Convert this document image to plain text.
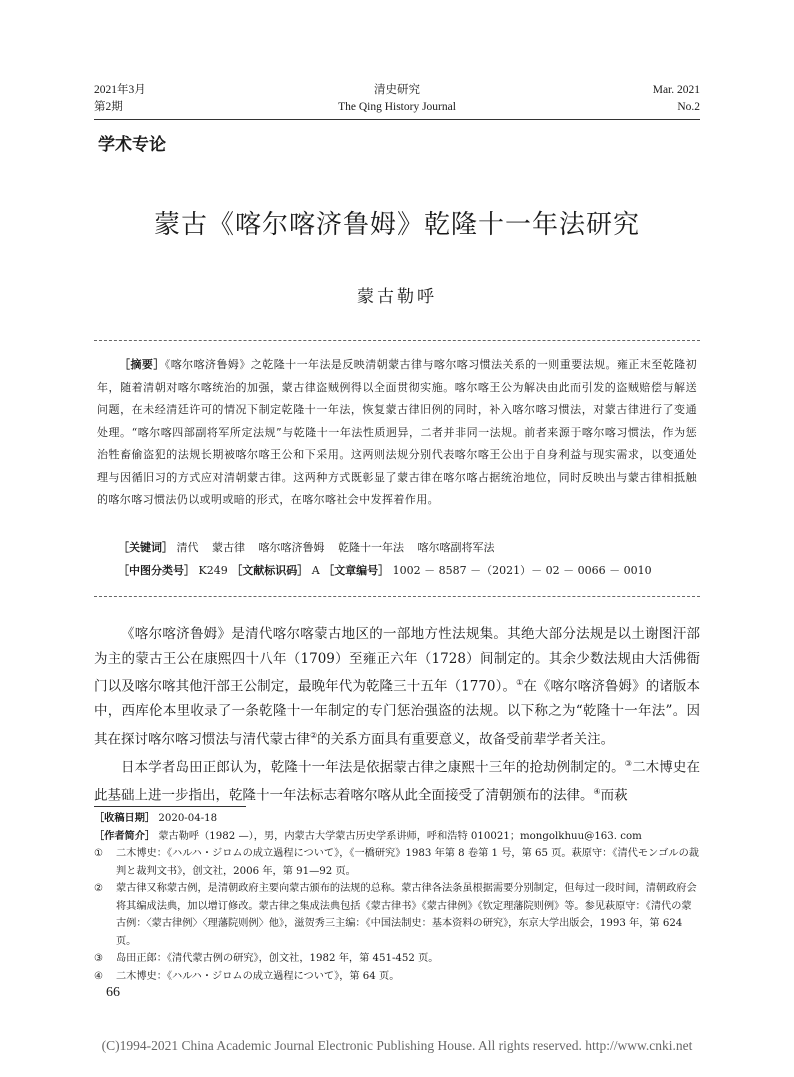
2021年3月
第2期
清史研究
The Qing History Journal
Mar. 2021
No.2
学术专论
蒙古《喀尔喀济鲁姆》乾隆十一年法研究
蒙古勒呼
［摘要］《喀尔喀济鲁姆》之乾隆十一年法是反映清朝蒙古律与喀尔喀习惯法关系的一则重要法规。雍正末至乾隆初年，随着清朝对喀尔喀统治的加强，蒙古律盗贼例得以全面贯彻实施。喀尔喀王公为解决由此而引发的盗贼赔偿与解送问题，在未经清廷许可的情况下制定乾隆十一年法，恢复蒙古律旧例的同时，补入喀尔喀习惯法，对蒙古律进行了变通处理。“喀尔喀四部副将军所定法规”与乾隆十一年法性质迥异，二者并非同一法规。前者来源于喀尔喀习惯法，作为惩治牲畜偷盗犯的法规长期被喀尔喀王公和下采用。这两则法规分别代表喀尔喀王公出于自身利益与现实需求，以变通处理与因循旧习的方式应对清朝蒙古律。这两种方式既彰显了蒙古律在喀尔喀占据统治地位，同时反映出与蒙古律相抵触的喀尔喀习惯法仍以或明或暗的形式，在喀尔喀社会中发挥着作用。
［关键词］ 清代 蒙古律 喀尔喀济鲁姆 乾隆十一年法 喀尔喀副将军法
［中图分类号］ K249 ［文献标识码］ A ［文章编号］ 1002 － 8587 －（2021）－ 02 － 0066 － 0010

《喀尔喀济鲁姆》是清代喀尔喀蒙古地区的一部地方性法规集。其绝大部分法规是以土谢图汗部为主的蒙古王公在康熙四十八年（1709）至雍正六年（1728）间制定的。其余少数法规由大活佛衙门以及喀尔喀其他汗部王公制定，最晚年代为乾隆三十五年（1770）。①在《喀尔喀济鲁姆》的诸版本中，西库伦本里收录了一条乾隆十一年制定的专门惩治强盗的法规。以下称之为“乾隆十一年法”。因其在探讨喀尔喀习惯法与清代蒙古律②的关系方面具有重要意义，故备受前辈学者关注。

日本学者岛田正郎认为，乾隆十一年法是依据蒙古律之康熙十三年的抢劫例制定的。③二木博史在此基础上进一步指出，乾隆十一年法标志着喀尔喀从此全面接受了清朝颁布的法律。④而萩

［收稿日期］ 2020-04-18
［作者简介］ 蒙古勒呼（1982 —），男，内蒙古大学蒙古历史学系讲师，呼和浩特 010021；mongolkhuu@163. com
①	二木博史：《ハルハ・ジロムの成立過程について》，《一橋研究》1983 年第 8 卷第 1 号，第 65 页。萩原守：《清代モンゴルの裁判と裁判文书》，创文社，2006 年，第 91—92 页。
②	蒙古律又称蒙古例，是清朝政府主要向蒙古颁布的法规的总称。蒙古律各法条虽根据需要分别制定，但每过一段时间，清朝政府会将其编成法典，加以增订修改。蒙古律之集成法典包括《蒙古律书》《蒙古律例》《钦定理藩院则例》等。参见萩原守：《清代の蒙古例：〈蒙古律例〉〈理藩院则例〉他》，滋贺秀三主编：《中国法制史：基本资料の研究》，东京大学出版会，1993 年，第 624 页。
③	岛田正郎：《清代蒙古例の研究》，创文社，1982 年，第 451-452 页。
④	二木博史：《ハルハ・ジロムの成立過程について》，第 64 页。
66
(C)1994-2021 China Academic Journal Electronic Publishing House. All rights reserved. http://www.cnki.net
